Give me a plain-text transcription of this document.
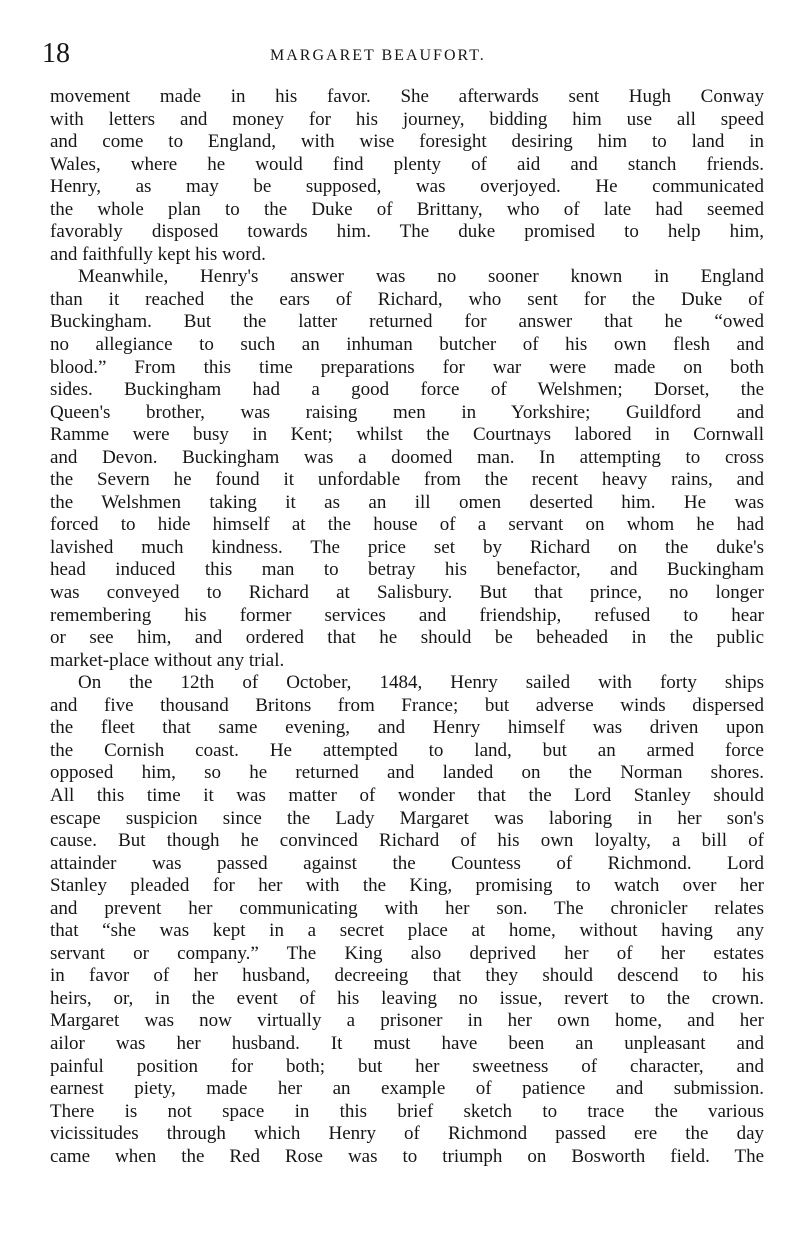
18	MARGARET BEAUFORT.
movement made in his favor. She afterwards sent Hugh Conway
with letters and money for his journey, bidding him use all speed
and come to England, with wise foresight desiring him to land in
Wales, where he would find plenty of aid and stanch friends.
Henry, as may be supposed, was overjoyed. He communicated
the whole plan to the Duke of Brittany, who of late had seemed
favorably disposed towards him. The duke promised to help him,
and faithfully kept his word.
Meanwhile, Henry's answer was no sooner known in England
than it reached the ears of Richard, who sent for the Duke of
Buckingham. But the latter returned for answer that he “owed
no allegiance to such an inhuman butcher of his own flesh and
blood.” From this time preparations for war were made on both
sides. Buckingham had a good force of Welshmen; Dorset, the
Queen's brother, was raising men in Yorkshire; Guildford and
Ramme were busy in Kent; whilst the Courtnays labored in Cornwall
and Devon. Buckingham was a doomed man. In attempting to cross
the Severn he found it unfordable from the recent heavy rains, and
the Welshmen taking it as an ill omen deserted him. He was
forced to hide himself at the house of a servant on whom he had
lavished much kindness. The price set by Richard on the duke's
head induced this man to betray his benefactor, and Buckingham
was conveyed to Richard at Salisbury. But that prince, no longer
remembering his former services and friendship, refused to hear
or see him, and ordered that he should be beheaded in the public
market-place without any trial.
On the 12th of October, 1484, Henry sailed with forty ships
and five thousand Britons from France; but adverse winds dispersed
the fleet that same evening, and Henry himself was driven upon
the Cornish coast. He attempted to land, but an armed force
opposed him, so he returned and landed on the Norman shores.
All this time it was matter of wonder that the Lord Stanley should
escape suspicion since the Lady Margaret was laboring in her son's
cause. But though he convinced Richard of his own loyalty, a bill of
attainder was passed against the Countess of Richmond. Lord
Stanley pleaded for her with the King, promising to watch over her
and prevent her communicating with her son. The chronicler relates
that “she was kept in a secret place at home, without having any
servant or company.” The King also deprived her of her estates
in favor of her husband, decreeing that they should descend to his
heirs, or, in the event of his leaving no issue, revert to the crown.
Margaret was now virtually a prisoner in her own home, and her
ailor was her husband. It must have been an unpleasant and
painful position for both; but her sweetness of character, and
earnest piety, made her an example of patience and submission.
There is not space in this brief sketch to trace the various
vicissitudes through which Henry of Richmond passed ere the day
came when the Red Rose was to triumph on Bosworth field. The
